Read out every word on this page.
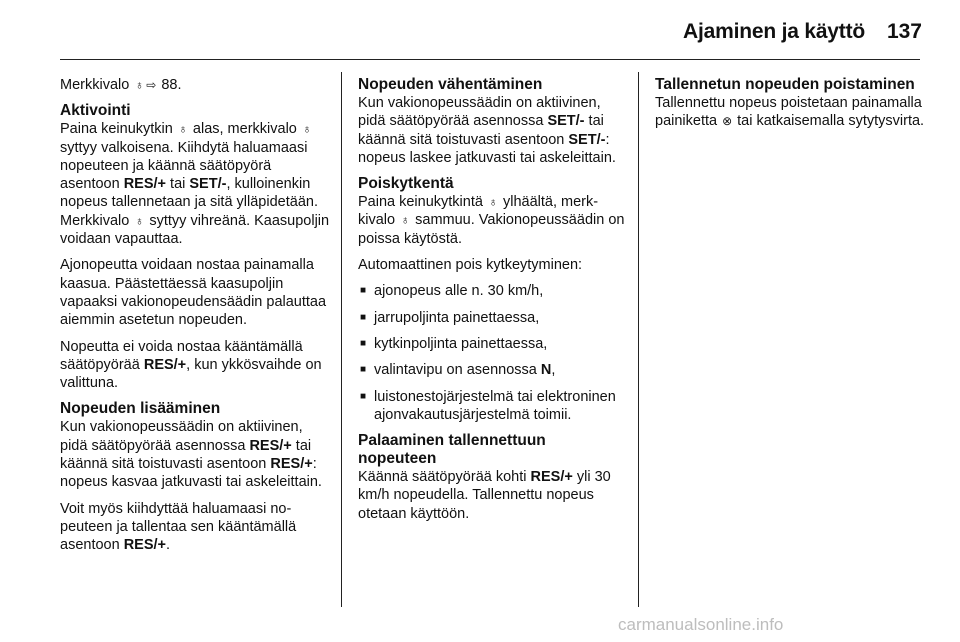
Ajaminen ja käyttö 137

Merkkivalo ♁ ⇨ 88.

Aktivointi

Paina keinukytkin ♁ alas, merkkivalo ♁ syttyy valkoisena. Kiihdytä haluamaasi nopeuteen ja käännä säätöpyörä asentoon RES/+ tai SET/-, kulloinenkin nopeus tallennetaan ja sitä ylläpidetään. Merkkivalo ♁ syttyy vihreänä. Kaasupoljin voidaan vapauttaa.

Ajonopeutta voidaan nostaa painamalla kaasua. Päästettäessä kaasupoljin vapaaksi vakionopeudensäädin palauttaa aiemmin asetetun nopeuden.

Nopeutta ei voida nostaa kääntämällä säätöpyörää RES/+, kun ykkösvaihde on valittuna.

Nopeuden lisääminen

Kun vakionopeussäädin on aktiivinen, pidä säätöpyörää asennossa RES/+ tai käännä sitä toistuvasti asentoon RES/+: nopeus kasvaa jatkuvasti tai askeleittain.

Voit myös kiihdyttää haluamaasi nopeuteen ja tallentaa sen kääntämällä asentoon RES/+.

Nopeuden vähentäminen

Kun vakionopeussäädin on aktiivinen, pidä säätöpyörää asennossa SET/- tai käännä sitä toistuvasti asentoon SET/-: nopeus laskee jatkuvasti tai askeleittain.

Poiskytkentä

Paina keinukytkintä ♁ ylhäältä, merkkivalo ♁ sammuu. Vakionopeussäädin on poissa käytöstä.

Automaattinen pois kytkeytyminen:

■ ajonopeus alle n. 30 km/h,
■ jarrupoljinta painettaessa,
■ kytkinpoljinta painettaessa,
■ valintavipu on asennossa N,
■ luistonestojärjestelmä tai elektroninen ajonvakautusjärjestelmä toimii.
Palaaminen tallennettuun nopeuteen

Käännä säätöpyörää kohti RES/+ yli 30 km/h nopeudella. Tallennettu nopeus otetaan käyttöön.

Tallennetun nopeuden poistaminen

Tallennettu nopeus poistetaan painamalla painiketta ⊗ tai katkaisemalla sytytysvirta.

carmanualsonline.info
